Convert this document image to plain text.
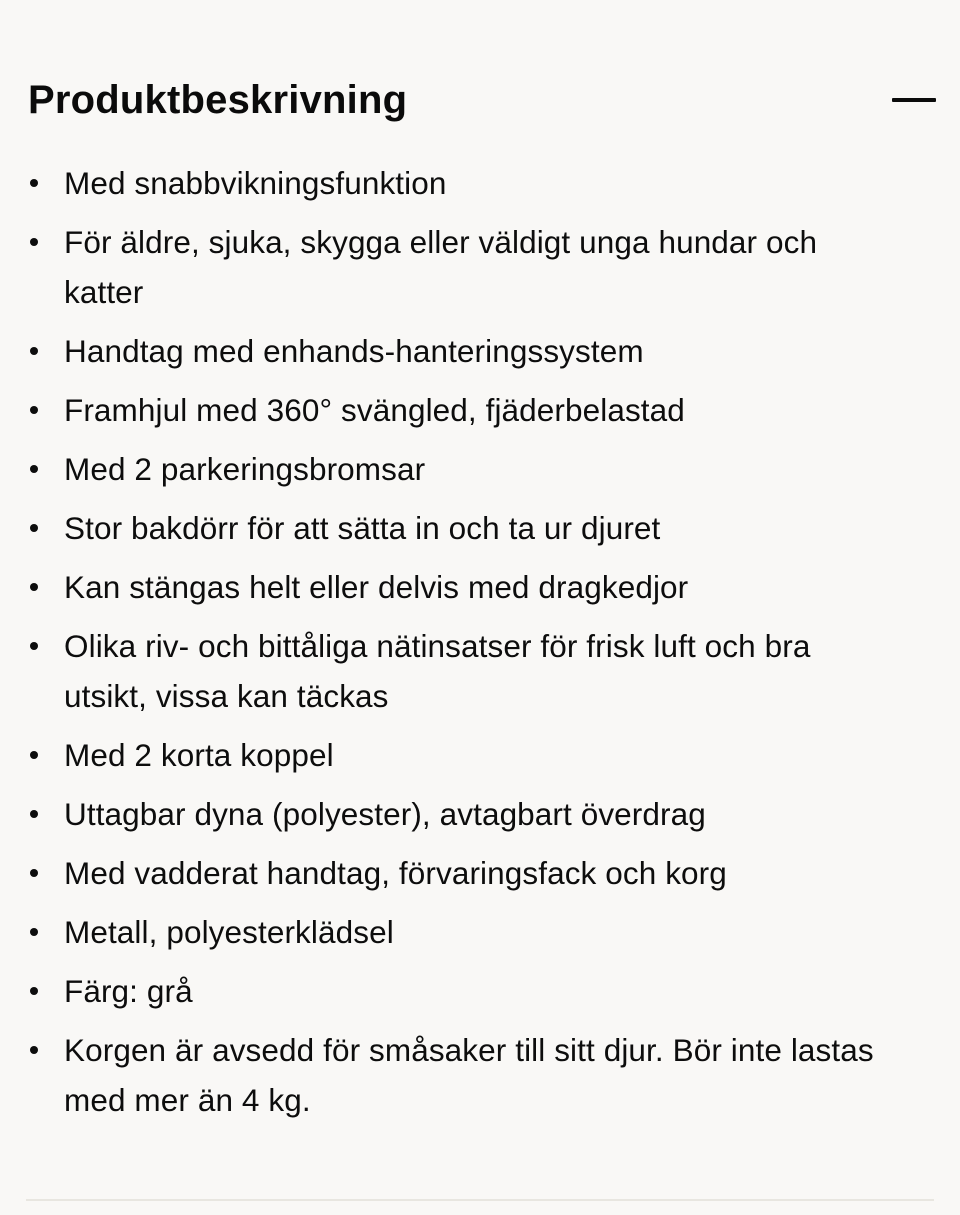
Produktbeskrivning
Med snabbvikningsfunktion
För äldre, sjuka, skygga eller väldigt unga hundar och katter
Handtag med enhands-hanteringssystem
Framhjul med 360° svängled, fjäderbelastad
Med 2 parkeringsbromsar
Stor bakdörr för att sätta in och ta ur djuret
Kan stängas helt eller delvis med dragkedjor
Olika riv- och bittåliga nätinsatser för frisk luft och bra utsikt, vissa kan täckas
Med 2 korta koppel
Uttagbar dyna (polyester), avtagbart överdrag
Med vadderat handtag, förvaringsfack och korg
Metall, polyesterklädsel
Färg: grå
Korgen är avsedd för småsaker till sitt djur. Bör inte lastas med mer än 4 kg.
